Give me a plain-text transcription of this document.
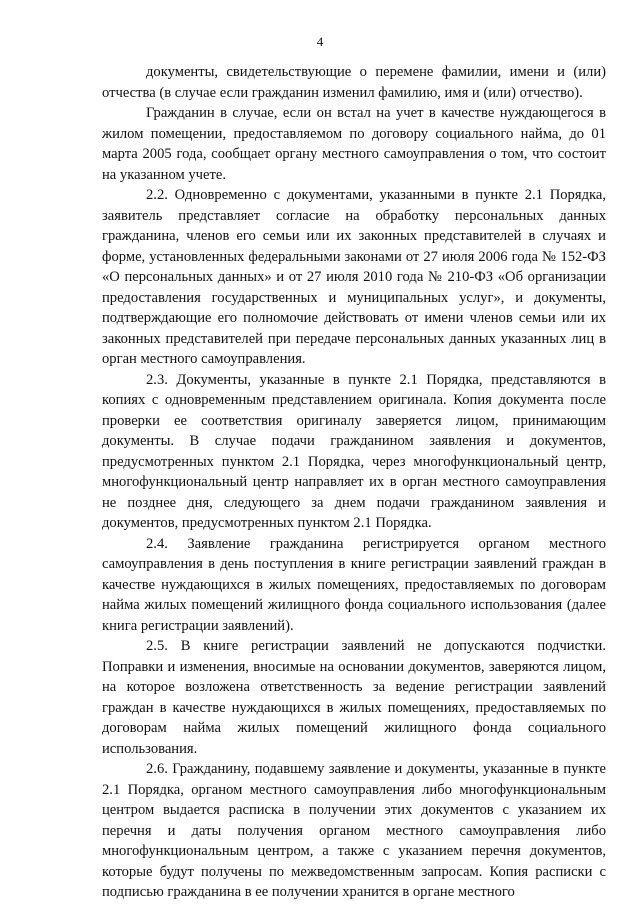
4

документы, свидетельствующие о перемене фамилии, имени и (или) отчества (в случае если гражданин изменил фамилию, имя и (или) отчество).

Гражданин в случае, если он встал на учет в качестве нуждающегося в жилом помещении, предоставляемом по договору социального найма, до 01 марта 2005 года, сообщает органу местного самоуправления о том, что состоит на указанном учете.

2.2. Одновременно с документами, указанными в пункте 2.1 Порядка, заявитель представляет согласие на обработку персональных данных гражданина, членов его семьи или их законных представителей в случаях и форме, установленных федеральными законами от 27 июля 2006 года № 152-ФЗ «О персональных данных» и от 27 июля 2010 года № 210-ФЗ «Об организации предоставления государственных и муниципальных услуг», и документы, подтверждающие его полномочие действовать от имени членов семьи или их законных представителей при передаче персональных данных указанных лиц в орган местного самоуправления.

2.3. Документы, указанные в пункте 2.1 Порядка, представляются в копиях с одновременным представлением оригинала. Копия документа после проверки ее соответствия оригиналу заверяется лицом, принимающим документы. В случае подачи гражданином заявления и документов, предусмотренных пунктом 2.1 Порядка, через многофункциональный центр, многофункциональный центр направляет их в орган местного самоуправления не позднее дня, следующего за днем подачи гражданином заявления и документов, предусмотренных пунктом 2.1 Порядка.

2.4. Заявление гражданина регистрируется органом местного самоуправления в день поступления в книге регистрации заявлений граждан в качестве нуждающихся в жилых помещениях, предоставляемых по договорам найма жилых помещений жилищного фонда социального использования (далее книга регистрации заявлений).

2.5. В книге регистрации заявлений не допускаются подчистки. Поправки и изменения, вносимые на основании документов, заверяются лицом, на которое возложена ответственность за ведение регистрации заявлений граждан в качестве нуждающихся в жилых помещениях, предоставляемых по договорам найма жилых помещений жилищного фонда социального использования.

2.6. Гражданину, подавшему заявление и документы, указанные в пункте 2.1 Порядка, органом местного самоуправления либо многофункциональным центром выдается расписка в получении этих документов с указанием их перечня и даты получения органом местного самоуправления либо многофункциональным центром, а также с указанием перечня документов, которые будут получены по межведомственным запросам. Копия расписки с подписью гражданина в ее получении хранится в органе местного
